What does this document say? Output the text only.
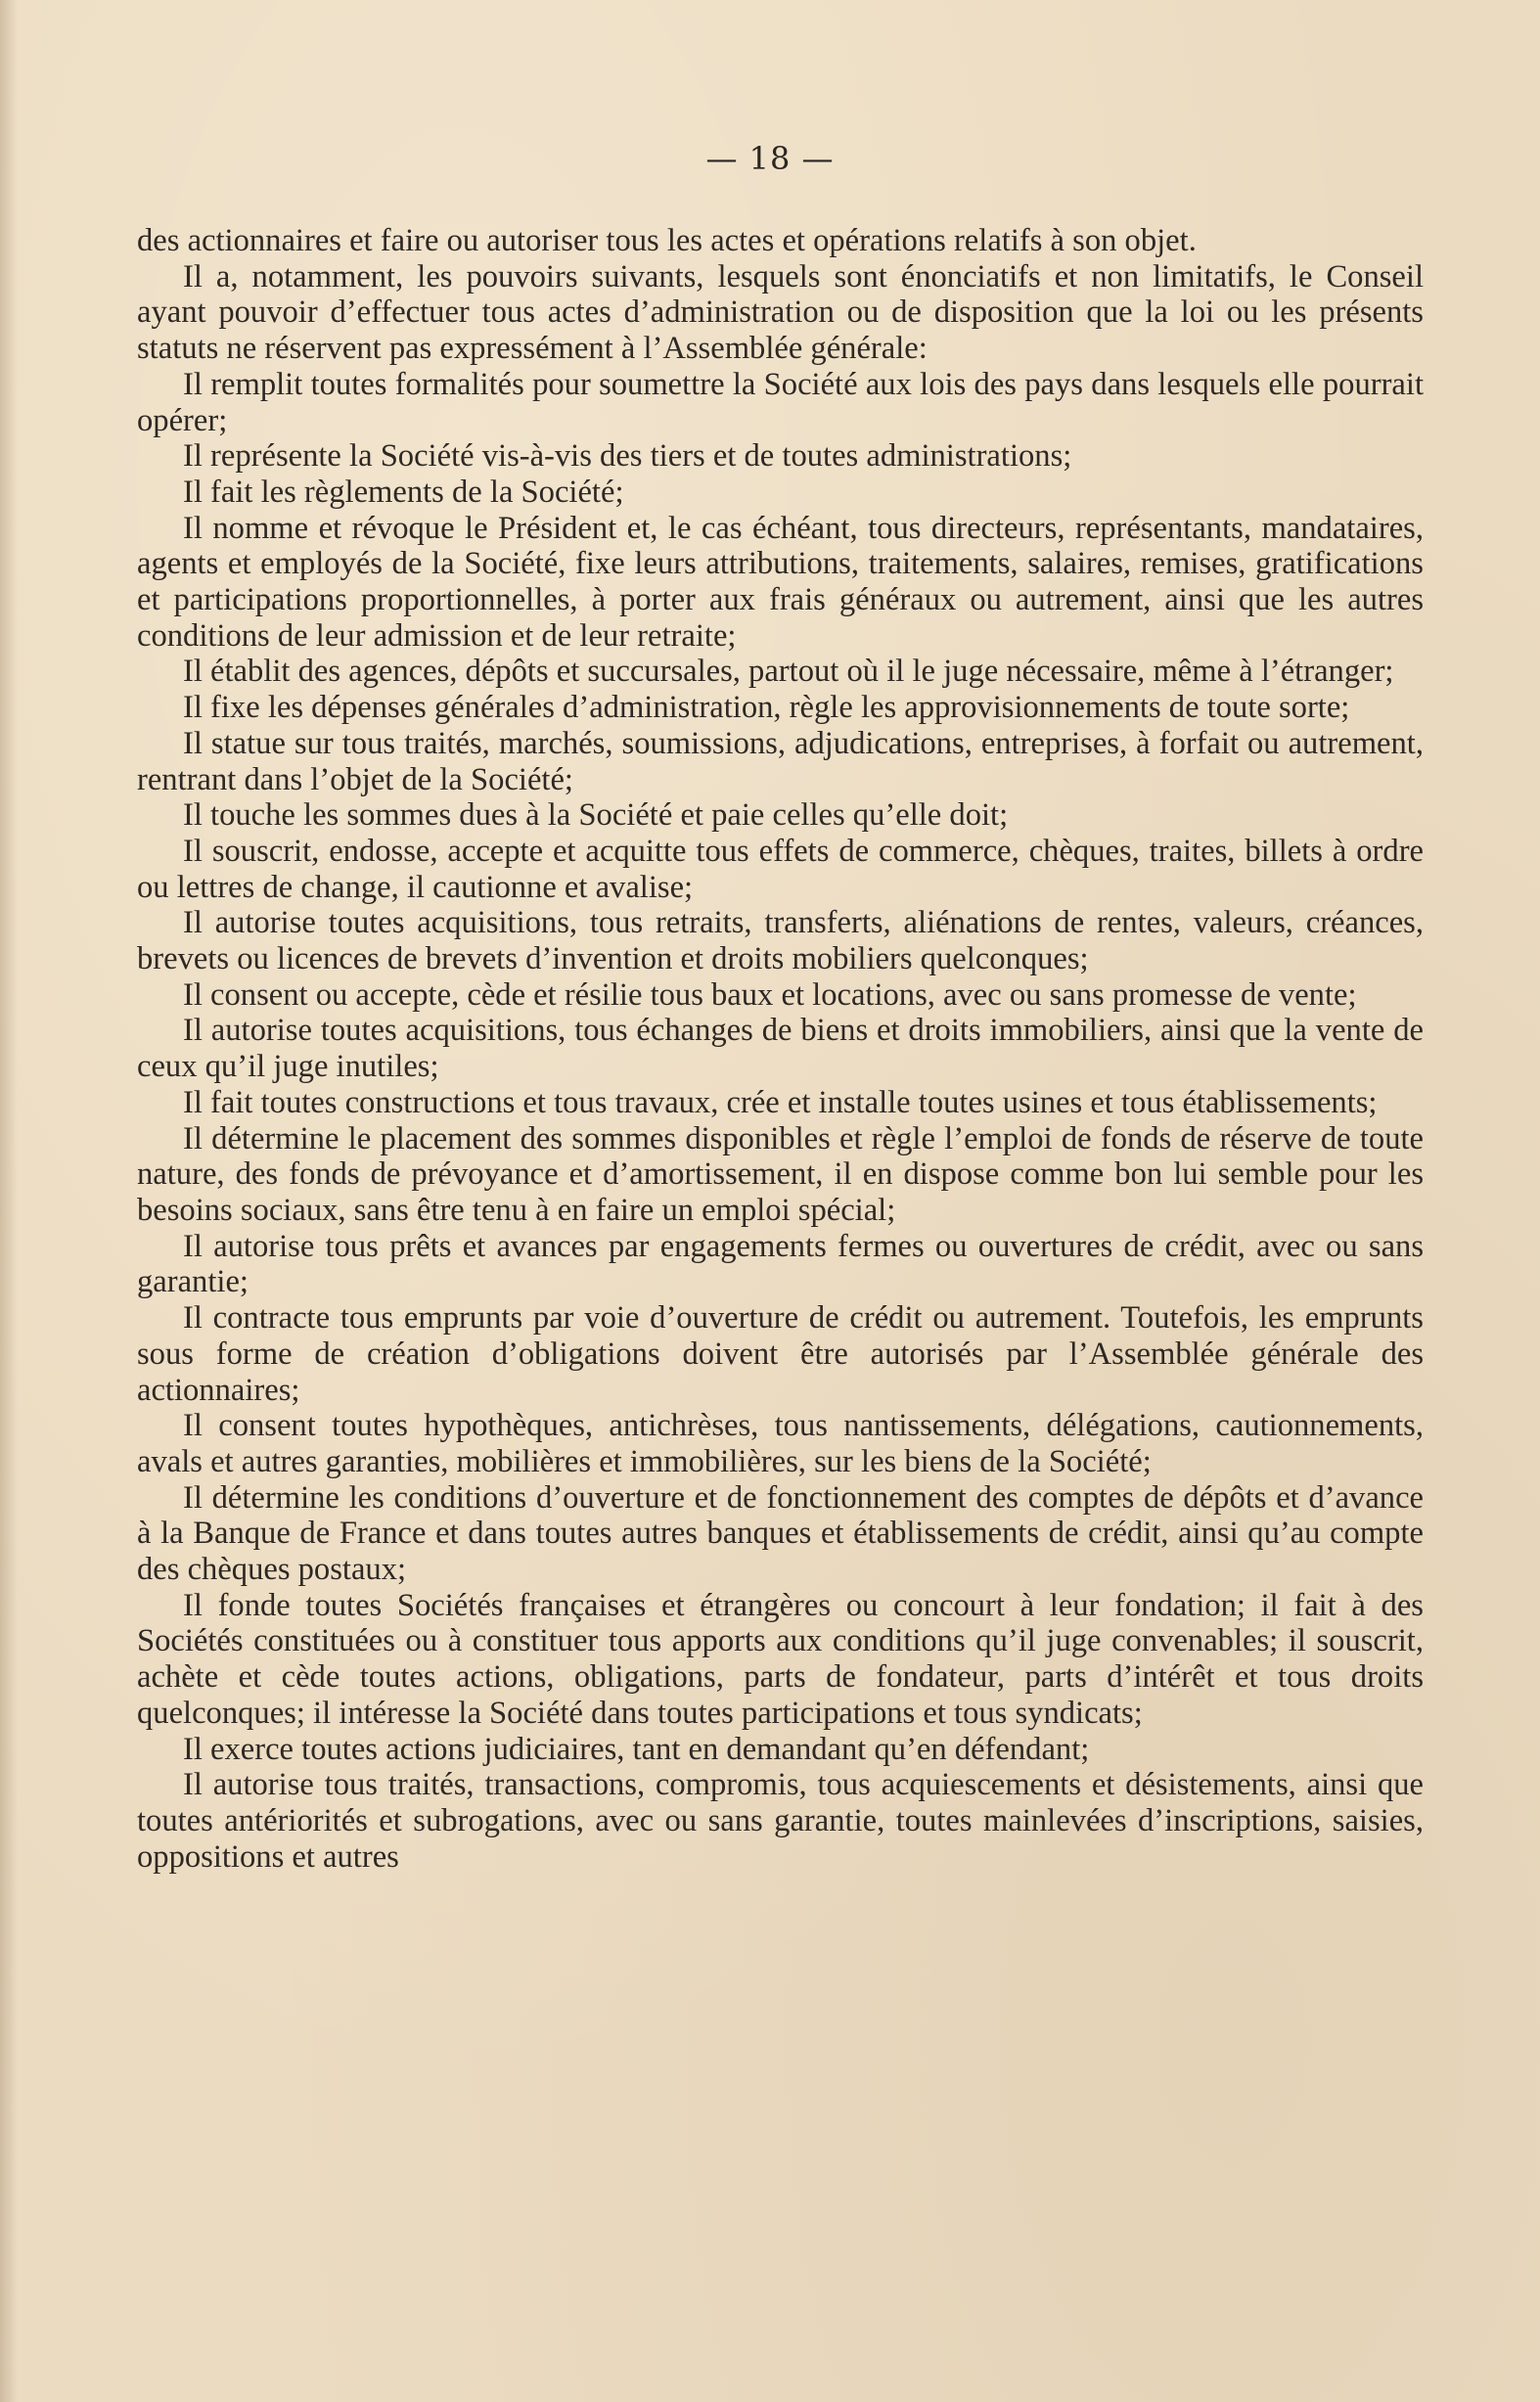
— 18 —

des actionnaires et faire ou autoriser tous les actes et opérations relatifs à son objet.

Il a, notamment, les pouvoirs suivants, lesquels sont énonciatifs et non limitatifs, le Conseil ayant pouvoir d’effectuer tous actes d’administration ou de disposition que la loi ou les présents statuts ne réservent pas expressément à l’Assemblée générale:

Il remplit toutes formalités pour soumettre la Société aux lois des pays dans lesquels elle pourrait opérer;

Il représente la Société vis-à-vis des tiers et de toutes administrations;

Il fait les règlements de la Société;

Il nomme et révoque le Président et, le cas échéant, tous directeurs, représentants, mandataires, agents et employés de la Société, fixe leurs attributions, traitements, salaires, remises, gratifications et participations proportionnelles, à porter aux frais généraux ou autrement, ainsi que les autres conditions de leur admission et de leur retraite;

Il établit des agences, dépôts et succursales, partout où il le juge nécessaire, même à l’étranger;

Il fixe les dépenses générales d’administration, règle les approvisionnements de toute sorte;

Il statue sur tous traités, marchés, soumissions, adjudications, entreprises, à forfait ou autrement, rentrant dans l’objet de la Société;

Il touche les sommes dues à la Société et paie celles qu’elle doit;

Il souscrit, endosse, accepte et acquitte tous effets de commerce, chèques, traites, billets à ordre ou lettres de change, il cautionne et avalise;

Il autorise toutes acquisitions, tous retraits, transferts, aliénations de rentes, valeurs, créances, brevets ou licences de brevets d’invention et droits mobiliers quelconques;

Il consent ou accepte, cède et résilie tous baux et locations, avec ou sans promesse de vente;

Il autorise toutes acquisitions, tous échanges de biens et droits immobiliers, ainsi que la vente de ceux qu’il juge inutiles;

Il fait toutes constructions et tous travaux, crée et installe toutes usines et tous établissements;

Il détermine le placement des sommes disponibles et règle l’emploi de fonds de réserve de toute nature, des fonds de prévoyance et d’amortissement, il en dispose comme bon lui semble pour les besoins sociaux, sans être tenu à en faire un emploi spécial;

Il autorise tous prêts et avances par engagements fermes ou ouvertures de crédit, avec ou sans garantie;

Il contracte tous emprunts par voie d’ouverture de crédit ou autrement. Toutefois, les emprunts sous forme de création d’obligations doivent être autorisés par l’Assemblée générale des actionnaires;

Il consent toutes hypothèques, antichrèses, tous nantissements, délégations, cautionnements, avals et autres garanties, mobilières et immobilières, sur les biens de la Société;

Il détermine les conditions d’ouverture et de fonctionnement des comptes de dépôts et d’avance à la Banque de France et dans toutes autres banques et établissements de crédit, ainsi qu’au compte des chèques postaux;

Il fonde toutes Sociétés françaises et étrangères ou concourt à leur fondation; il fait à des Sociétés constituées ou à constituer tous apports aux conditions qu’il juge convenables; il souscrit, achète et cède toutes actions, obligations, parts de fondateur, parts d’intérêt et tous droits quelconques; il intéresse la Société dans toutes participations et tous syndicats;

Il exerce toutes actions judiciaires, tant en demandant qu’en défendant;

Il autorise tous traités, transactions, compromis, tous acquiescements et désistements, ainsi que toutes antériorités et subrogations, avec ou sans garantie, toutes mainlevées d’inscriptions, saisies, oppositions et autres
